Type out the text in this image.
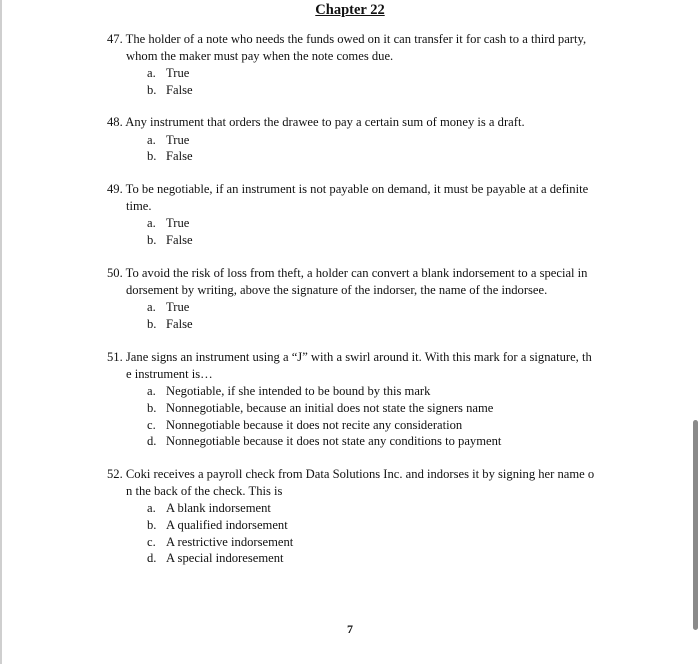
Chapter 22
47. The holder of a note who needs the funds owed on it can transfer it for cash to a third party,
whom the maker must pay when the note comes due.
a. True
b. False
48. Any instrument that orders the drawee to pay a certain sum of money is a draft.
a. True
b. False
49. To be negotiable, if an instrument is not payable on demand, it must be payable at a definite
time.
a. True
b. False
50. To avoid the risk of loss from theft, a holder can convert a blank indorsement to a special in
dorsement by writing, above the signature of the indorser, the name of the indorsee.
a. True
b. False
51. Jane signs an instrument using a “J” with a swirl around it. With this mark for a signature, th
e instrument is…
a. Negotiable, if she intended to be bound by this mark
b. Nonnegotiable, because an initial does not state the signers name
c. Nonnegotiable because it does not recite any consideration
d. Nonnegotiable because it does not state any conditions to payment
52. Coki receives a payroll check from Data Solutions Inc. and indorses it by signing her name o
n the back of the check. This is
a. A blank indorsement
b. A qualified indorsement
c. A restrictive indorsement
d. A special indoresement
7
